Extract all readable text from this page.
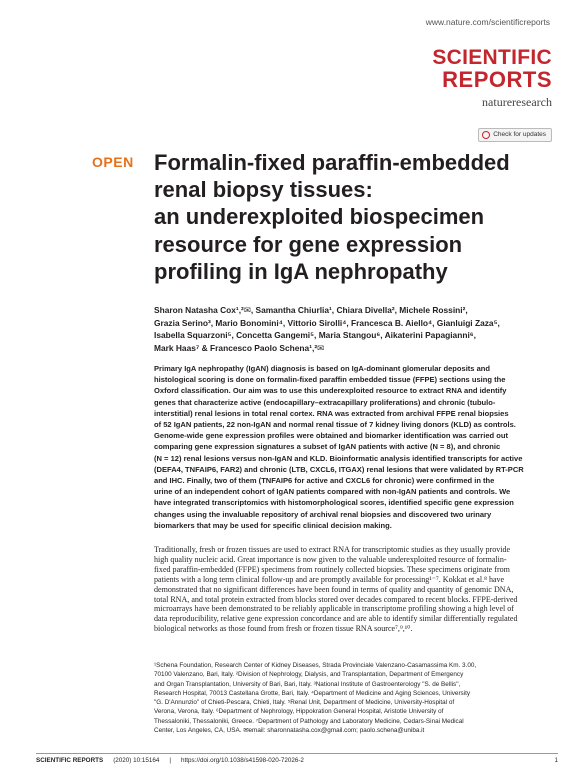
www.nature.com/scientificreports
SCIENTIFIC
REPORTS
natureresearch
Check for updates
OPEN Formalin-fixed paraffin-embedded
renal biopsy tissues:
an underexploited biospecimen
resource for gene expression
profiling in IgA nephropathy
Sharon Natasha Cox¹,²✉, Samantha Chiurlia¹, Chiara Divella², Michele Rossini²,
Grazia Serino³, Mario Bonomini⁴, Vittorio Sirolli⁴, Francesca B. Aiello⁴, Gianluigi Zaza⁵,
Isabella Squarzoni⁵, Concetta Gangemi⁵, Maria Stangou⁶, Aikaterini Papagianni⁶,
Mark Haas⁷ & Francesco Paolo Schena¹,²✉
Primary IgA nephropathy (IgAN) diagnosis is based on IgA-dominant glomerular deposits and
histological scoring is done on formalin-fixed paraffin embedded tissue (FFPE) sections using the
Oxford classification. Our aim was to use this underexploited resource to extract RNA and identify
genes that characterize active (endocapillary–extracapillary proliferations) and chronic (tubulo-
interstitial) renal lesions in total renal cortex. RNA was extracted from archival FFPE renal biopsies
of 52 IgAN patients, 22 non-IgAN and normal renal tissue of 7 kidney living donors (KLD) as controls.
Genome-wide gene expression profiles were obtained and biomarker identification was carried out
comparing gene expression signatures a subset of IgAN patients with active (N = 8), and chronic
(N = 12) renal lesions versus non-IgAN and KLD. Bioinformatic analysis identified transcripts for active
(DEFA4, TNFAIP6, FAR2) and chronic (LTB, CXCL6, ITGAX) renal lesions that were validated by RT-PCR
and IHC. Finally, two of them (TNFAIP6 for active and CXCL6 for chronic) were confirmed in the
urine of an independent cohort of IgAN patients compared with non-IgAN patients and controls. We
have integrated transcriptomics with histomorphological scores, identified specific gene expression
changes using the invaluable repository of archival renal biopsies and discovered two urinary
biomarkers that may be used for specific clinical decision making.
Traditionally, fresh or frozen tissues are used to extract RNA for transcriptomic studies as they usually provide
high quality nucleic acid. Great importance is now given to the valuable underexploited resource of formalin-
fixed paraffin-embedded (FFPE) specimens from routinely collected biopsies. These specimens originate from
patients with a long term clinical follow-up and are promptly available for processing¹⁻⁷. Kokkat et al.⁸ have
demonstrated that no significant differences have been found in terms of quality and quantity of genomic DNA,
total RNA, and total protein extracted from blocks stored over decades compared to recent blocks. FFPE-derived
microarrays have been demonstrated to be reliably applicable in transcriptome profiling showing a high level of
data reproducibility, relative gene expression concordance and are able to identify similar differentially regulated
biological networks as those found from fresh or frozen tissue RNA source⁷,⁹,¹⁰.
¹Schena Foundation, Research Center of Kidney Diseases, Strada Provinciale Valenzano-Casamassima Km. 3.00,
70100 Valenzano, Bari, Italy. ²Division of Nephrology, Dialysis, and Transplantation, Department of Emergency
and Organ Transplantation, University of Bari, Bari, Italy. ³National Institute of Gastroenterology "S. de Bellis",
Research Hospital, 70013 Castellana Grotte, Bari, Italy. ⁴Department of Medicine and Aging Sciences, University
"G. D'Annunzio" of Chieti-Pescara, Chieti, Italy. ⁵Renal Unit, Department of Medicine, University-Hospital of
Verona, Verona, Italy. ⁶Department of Nephrology, Hippokration General Hospital, Aristotle University of
Thessaloniki, Thessaloniki, Greece. ⁷Department of Pathology and Laboratory Medicine, Cedars-Sinai Medical
Center, Los Angeles, CA, USA. ✉email: sharonnatasha.cox@gmail.com; paolo.schena@uniba.it
SCIENTIFIC REPORTS (2020) 10:15164 | https://doi.org/10.1038/s41598-020-72026-2	1
